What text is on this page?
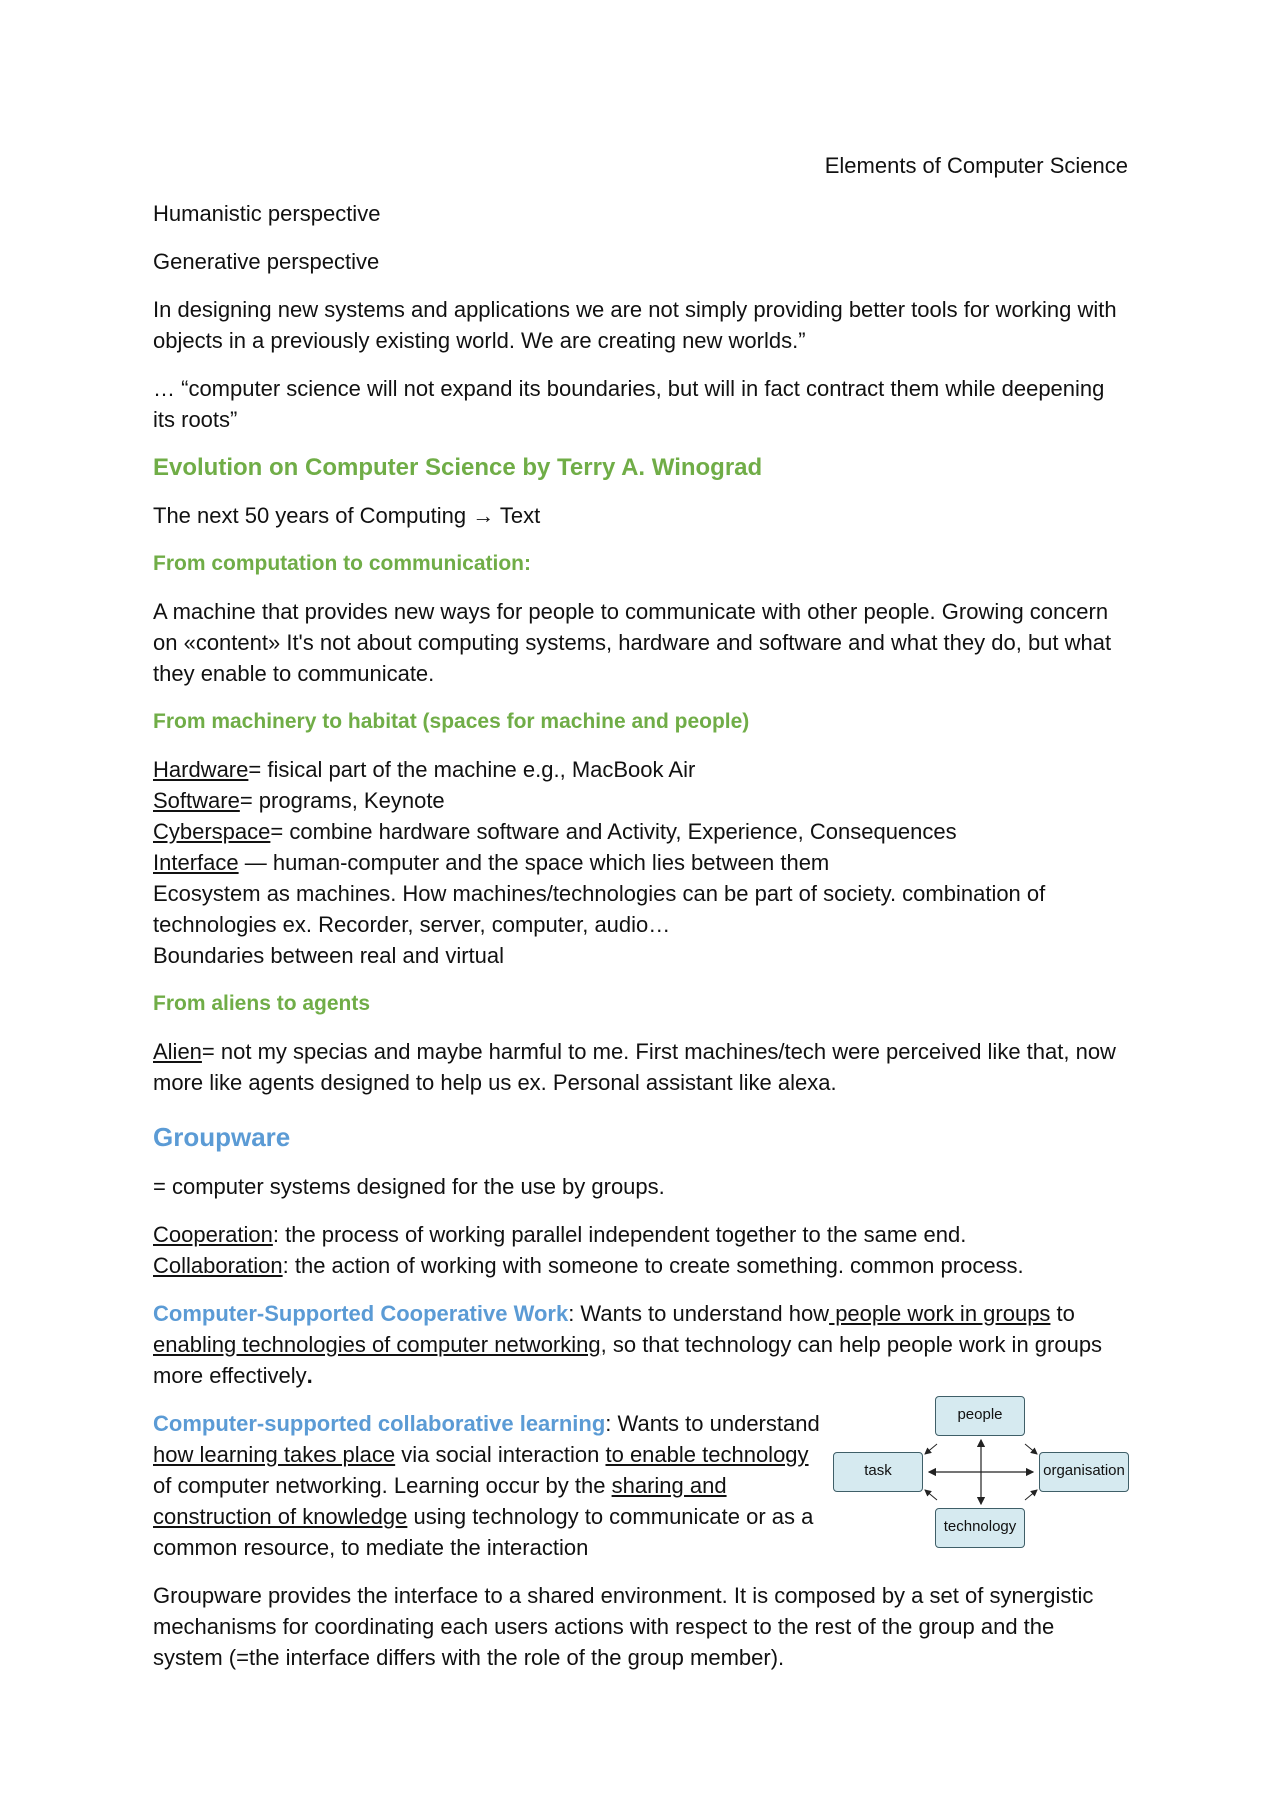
Elements of Computer Science

Humanistic perspective

Generative perspective

In designing new systems and applications we are not simply providing better tools for working with objects in a previously existing world. We are creating new worlds.”

… “computer science will not expand its boundaries, but will in fact contract them while deepening its roots”

Evolution on Computer Science by Terry A. Winograd

The next 50 years of Computing → Text

From computation to communication:

A machine that provides new ways for people to communicate with other people. Growing concern on «content» It's not about computing systems, hardware and software and what they do, but what they enable to communicate.

From machinery to habitat (spaces for machine and people)

Hardware= fisical part of the machine e.g., MacBook Air

Software= programs, Keynote

Cyberspace= combine hardware software and Activity, Experience, Consequences

Interface — human-computer and the space which lies between them

Ecosystem as machines. How machines/technologies can be part of society. combination of technologies ex. Recorder, server, computer, audio…

Boundaries between real and virtual

From aliens to agents

Alien= not my specias and maybe harmful to me. First machines/tech were perceived like that, now more like agents designed to help us ex. Personal assistant like alexa.

Groupware

= computer systems designed for the use by groups.

Cooperation: the process of working parallel independent together to the same end.

Collaboration: the action of working with someone to create something. common process.

Computer-Supported Cooperative Work: Wants to understand how people work in groups to enabling technologies of computer networking, so that technology can help people work in groups more effectively.

Computer-supported collaborative learning: Wants to understand how learning takes place via social interaction to enable technology of computer networking. Learning occur by the sharing and construction of knowledge using technology to communicate or as a common resource, to mediate the interaction

people
task	organisation
technology

Groupware provides the interface to a shared environment. It is composed by a set of synergistic mechanisms for coordinating each users actions with respect to the rest of the group and the system (=the interface differs with the role of the group member).
